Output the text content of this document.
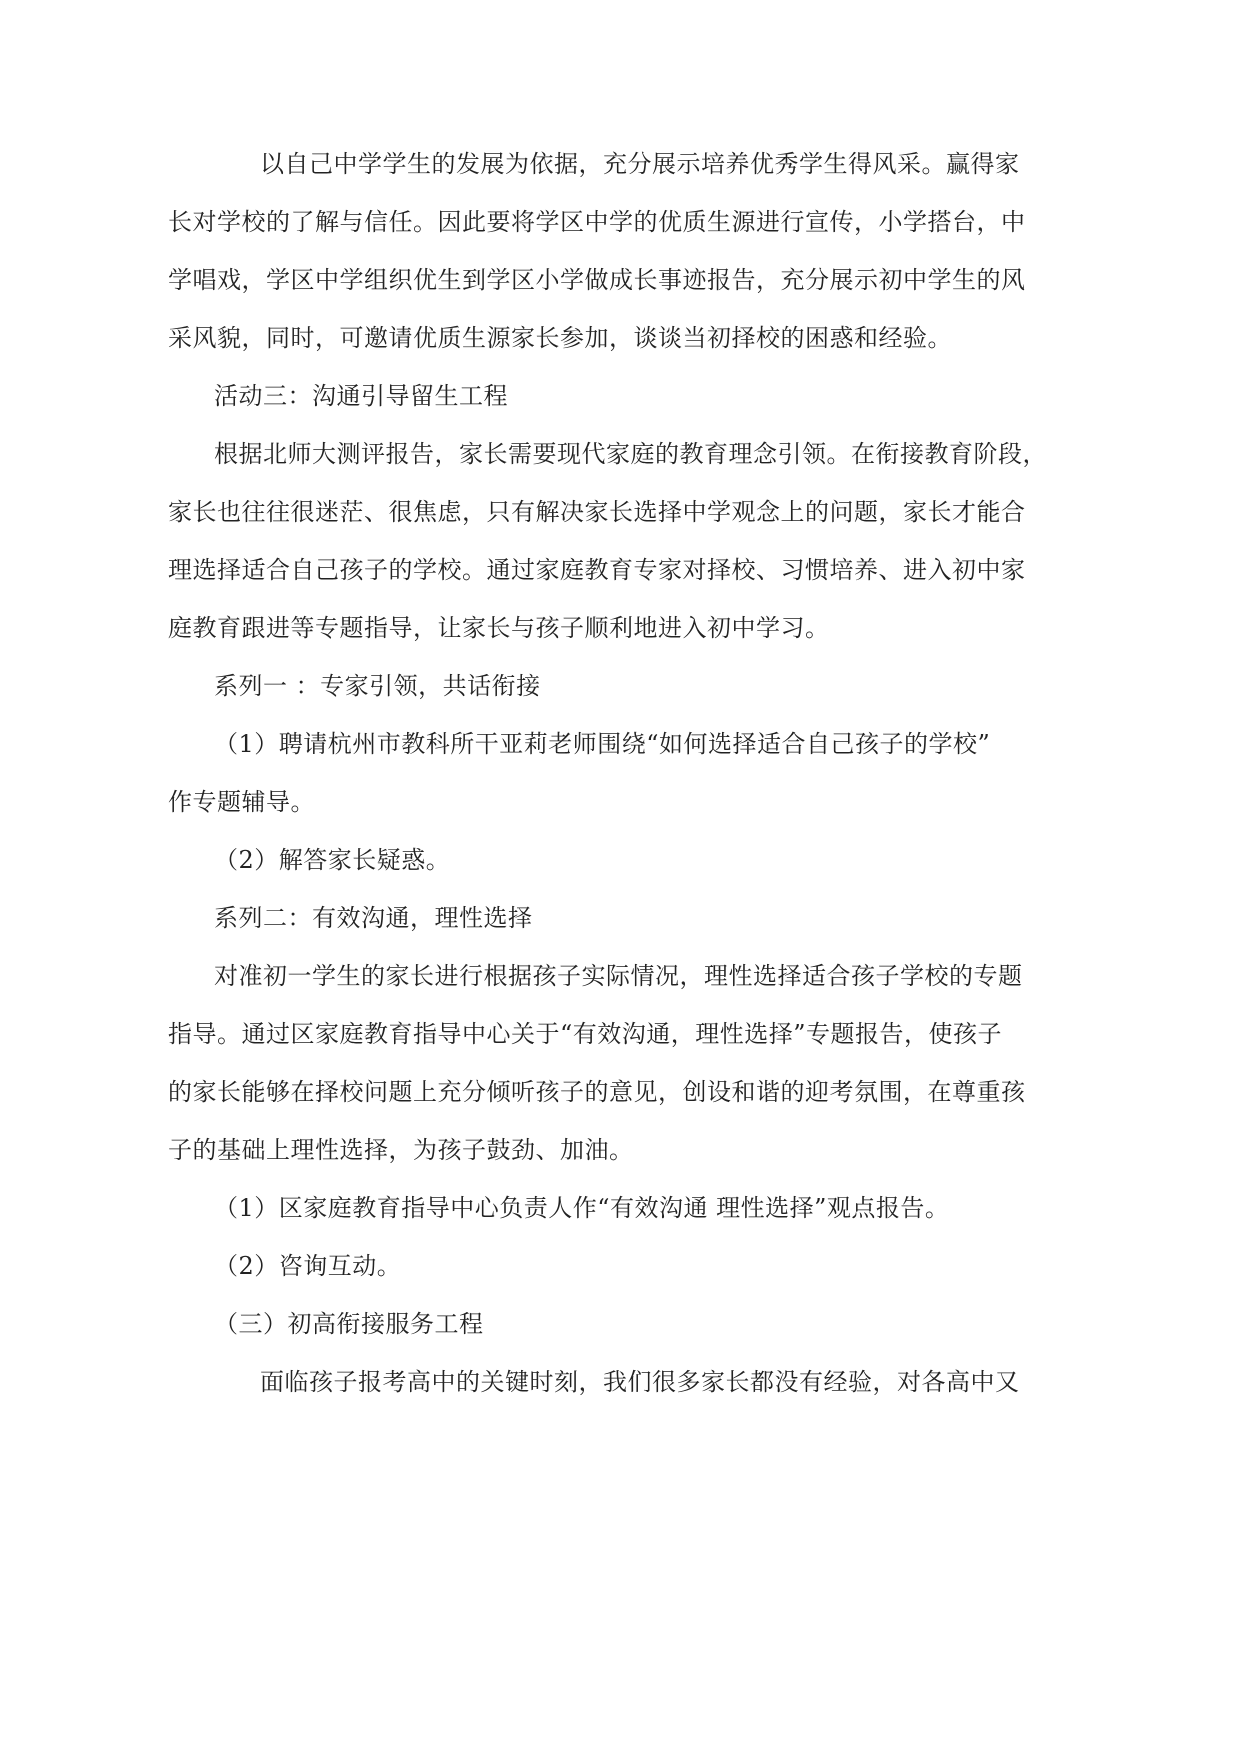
以自己中学学生的发展为依据，充分展示培养优秀学生得风采。赢得家
长对学校的了解与信任。因此要将学区中学的优质生源进行宣传，小学搭台，中
学唱戏，学区中学组织优生到学区小学做成长事迹报告，充分展示初中学生的风
采风貌，同时，可邀请优质生源家长参加，谈谈当初择校的困惑和经验。
活动三：沟通引导留生工程
根据北师大测评报告，家长需要现代家庭的教育理念引领。在衔接教育阶段，
家长也往往很迷茫、很焦虑，只有解决家长选择中学观念上的问题，家长才能合
理选择适合自己孩子的学校。通过家庭教育专家对择校、习惯培养、进入初中家
庭教育跟进等专题指导，让家长与孩子顺利地进入初中学习。
系列一 ：专家引领，共话衔接
（1）聘请杭州市教科所干亚莉老师围绕“如何选择适合自己孩子的学校”
作专题辅导。
（2）解答家长疑惑。
系列二：有效沟通，理性选择
对准初一学生的家长进行根据孩子实际情况，理性选择适合孩子学校的专题
指导。通过区家庭教育指导中心关于“有效沟通，理性选择”专题报告，使孩子
的家长能够在择校问题上充分倾听孩子的意见，创设和谐的迎考氛围，在尊重孩
子的基础上理性选择，为孩子鼓劲、加油。
（1）区家庭教育指导中心负责人作“有效沟通 理性选择”观点报告。
（2）咨询互动。
（三）初高衔接服务工程
面临孩子报考高中的关键时刻，我们很多家长都没有经验，对各高中又
